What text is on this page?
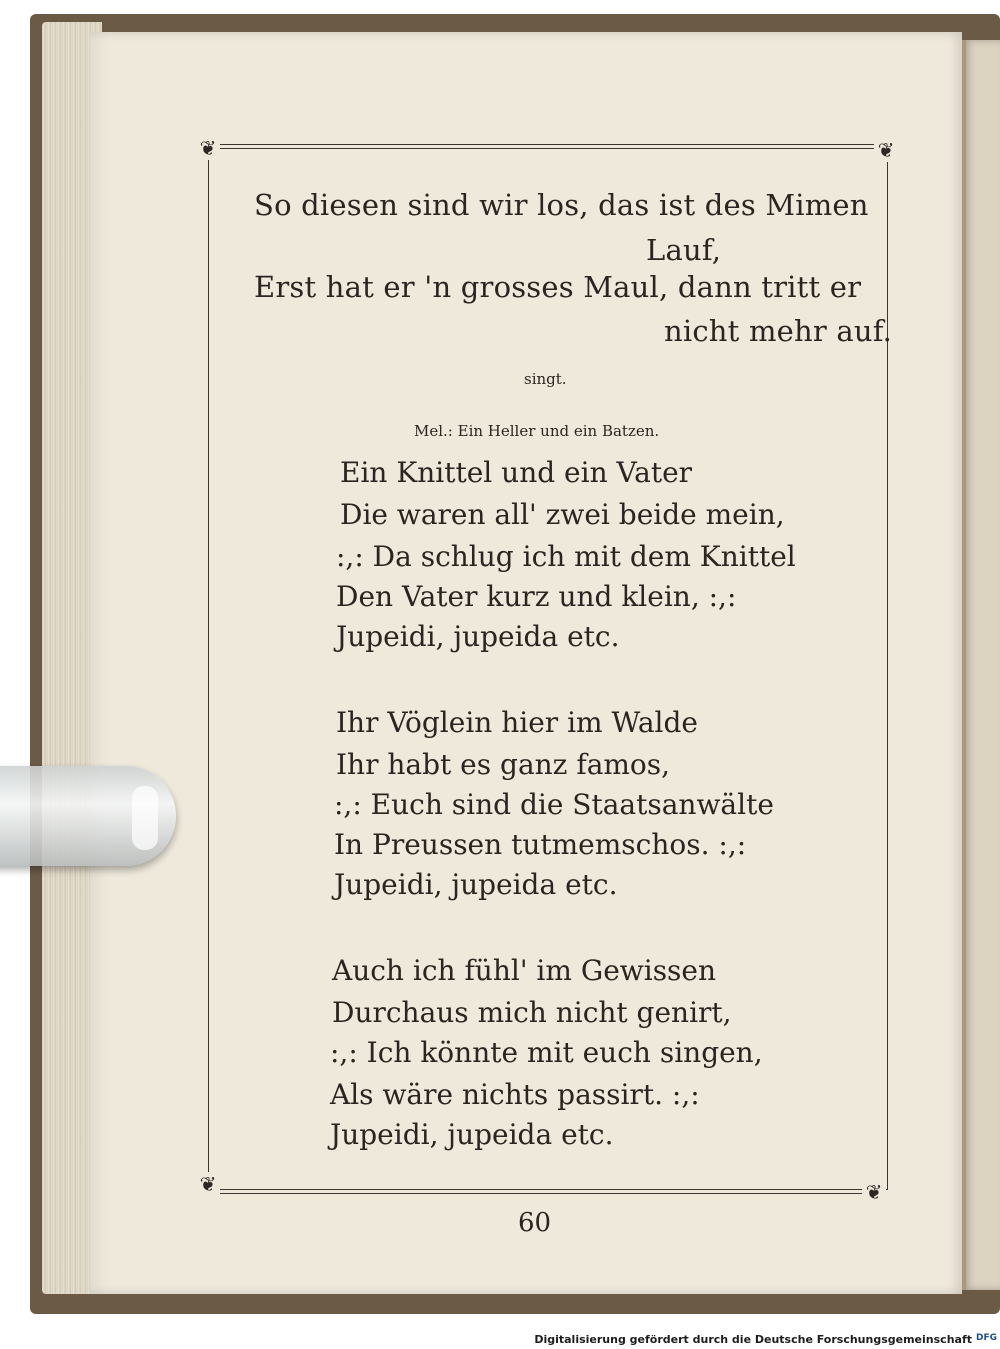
❦	❦
❦	❦
So diesen sind wir los, das ist des Mimen
Lauf,
Erst hat er 'n grosses Maul, dann tritt er
nicht mehr auf.
singt.
Mel.: Ein Heller und ein Batzen.
Ein Knittel und ein Vater
Die waren all' zwei beide mein,
:,: Da schlug ich mit dem Knittel
Den Vater kurz und klein, :,:
Jupeidi, jupeida etc.
Ihr Vöglein hier im Walde
Ihr habt es ganz famos,
:,: Euch sind die Staatsanwälte
In Preussen tutmemschos. :,:
Jupeidi, jupeida etc.
Auch ich fühl' im Gewissen
Durchaus mich nicht genirt,
:,: Ich könnte mit euch singen,
Als wäre nichts passirt. :,:
Jupeidi, jupeida etc.
60
Digitalisierung gefördert durch die Deutsche Forschungsgemeinschaft DFG
